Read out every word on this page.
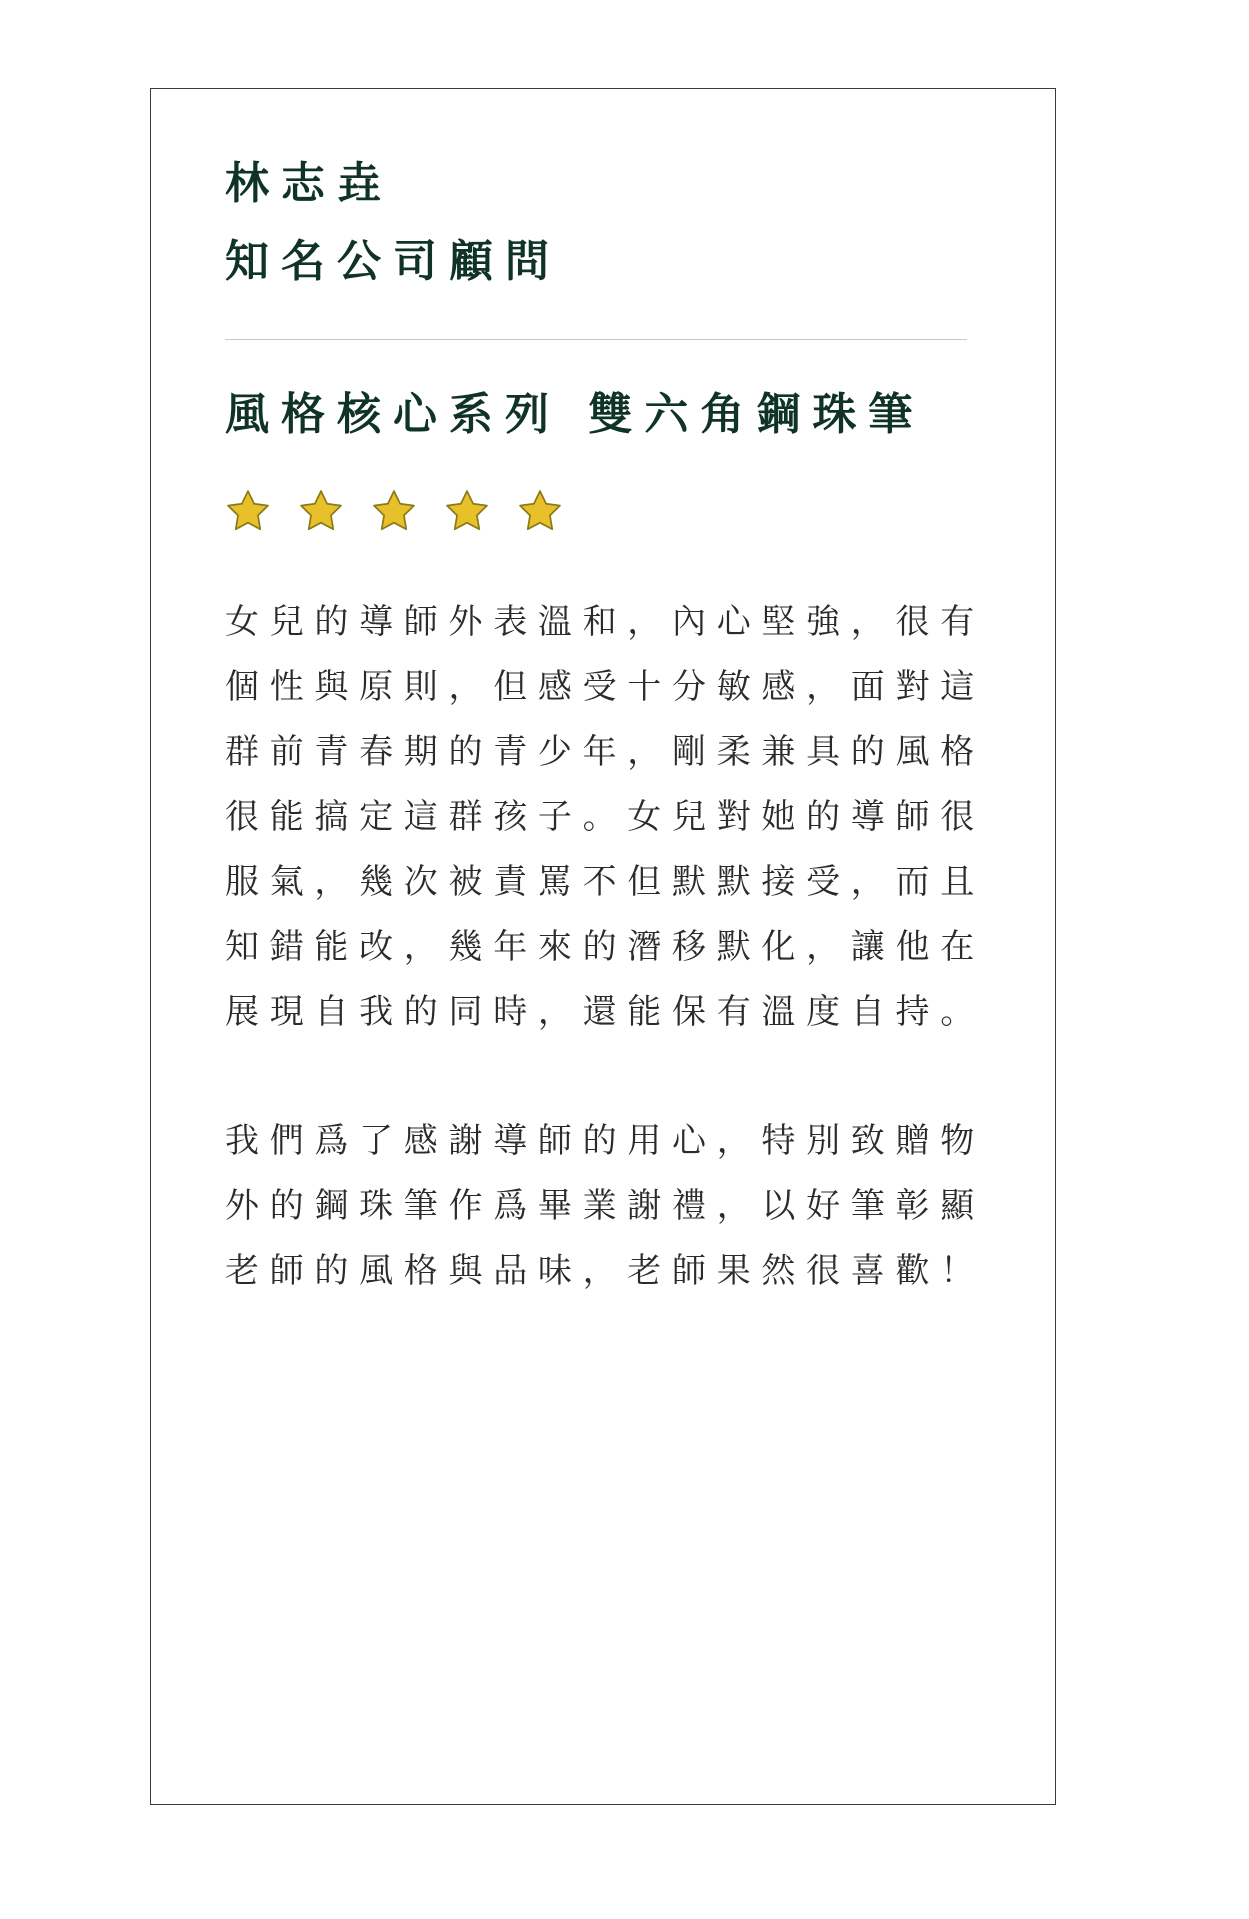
林志垚
知名公司顧問
風格核心系列 雙六角鋼珠筆

女兒的導師外表溫和，內心堅強，很有
個性與原則，但感受十分敏感，面對這
群前青春期的青少年，剛柔兼具的風格
很能搞定這群孩子。女兒對她的導師很
服氣，幾次被責罵不但默默接受，而且
知錯能改，幾年來的潛移默化，讓他在
展現自我的同時，還能保有溫度自持。

我們爲了感謝導師的用心，特別致贈物
外的鋼珠筆作爲畢業謝禮，以好筆彰顯
老師的風格與品味，老師果然很喜歡！
